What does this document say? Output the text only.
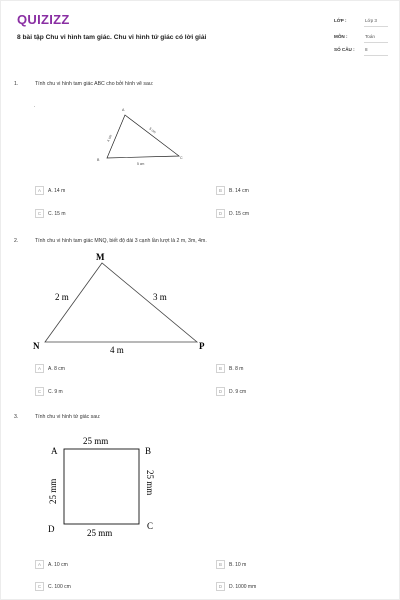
QUIZIZZ
8 bài tập Chu vi hình tam giác. Chu vi hình tứ giác có lời giải
LỚP :	Lớp 3
MÔN :	Toán
SỐ CÂU : 8
1.	Tính chu vi hình tam giác ABC cho bởi hình vẽ sau:
.
A
B	C
4 cm
5 cm
5 cm
A	A. 14 m	B	B. 14 cm
C	C. 15 m	D	D. 15 cm
2.	Tính chu vi hình tam giác MNQ, biết độ dài 3 cạnh lần lượt là 2 m, 3m, 4m.
M
N	P
2 m	3 m
4 m
A	A. 8 cm	B	B. 8 m
C	C. 9 m	D	D. 9 cm
3.	Tính chu vi hình tứ giác sau:
A	B
C
D
25 mm
25 mm
25 mm	25 mm
A	A. 10 cm	B	B. 10 m
C	C. 100 cm	D	D. 1000 mm
